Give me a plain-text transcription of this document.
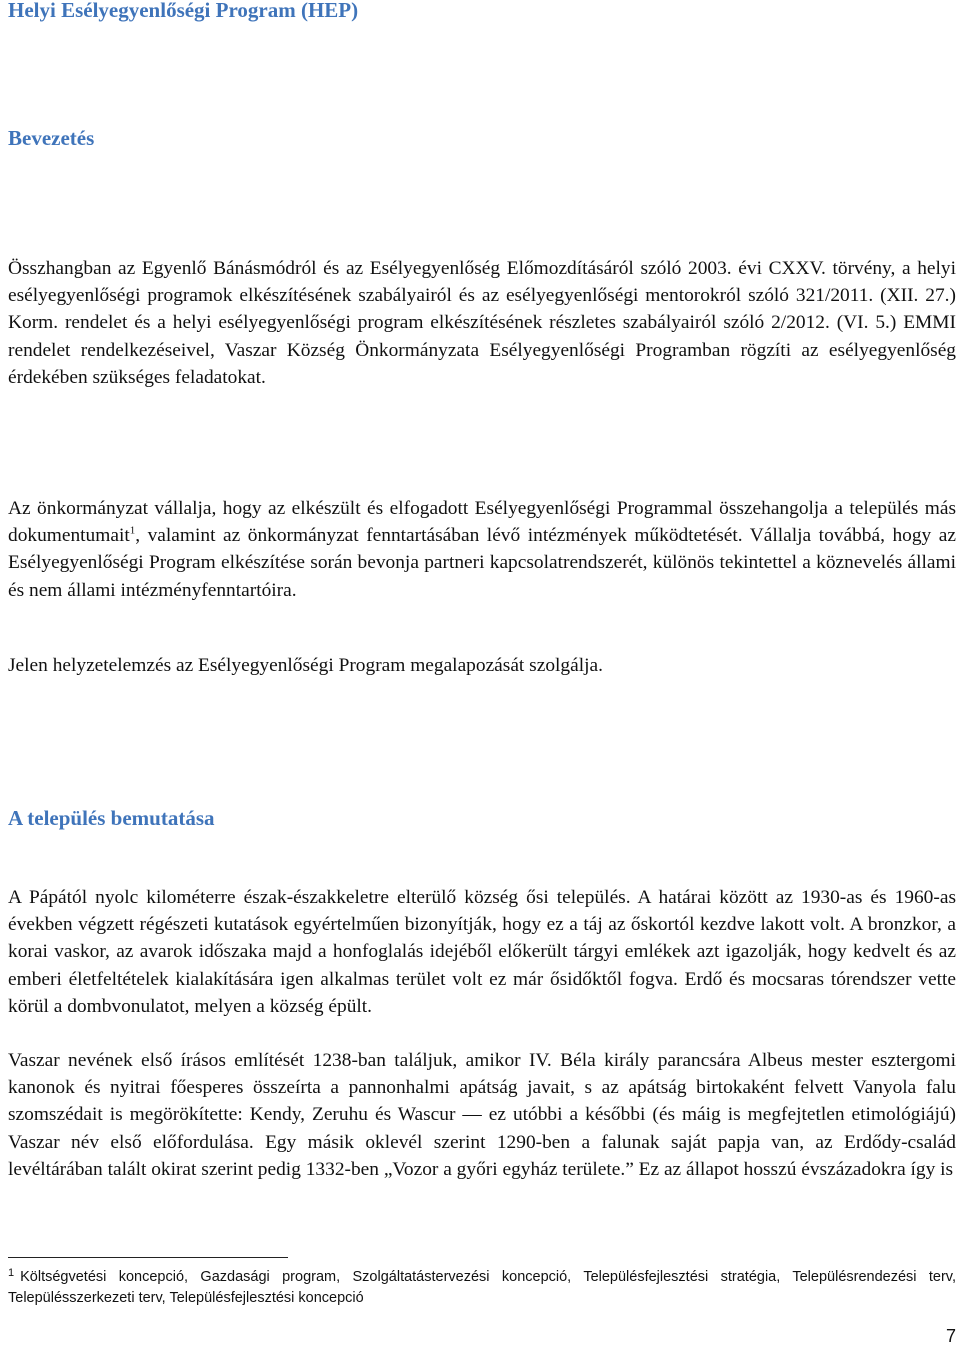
Helyi Esélyegyenlőségi Program (HEP)
Bevezetés

Összhangban az Egyenlő Bánásmódról és az Esélyegyenlőség Előmozdításáról szóló 2003. évi CXXV. törvény, a helyi esélyegyenlőségi programok elkészítésének szabályairól és az esélyegyenlőségi mentorokról szóló 321/2011. (XII. 27.) Korm. rendelet és a helyi esélyegyenlőségi program elkészítésének részletes szabályairól szóló 2/2012. (VI. 5.) EMMI rendelet rendelkezéseivel, Vaszar Község Önkormányzata Esélyegyenlőségi Programban rögzíti az esélyegyenlőség érdekében szükséges feladatokat.

Az önkormányzat vállalja, hogy az elkészült és elfogadott Esélyegyenlőségi Programmal összehangolja a település más dokumentumait$^1$, valamint az önkormányzat fenntartásában lévő intézmények működtetését. Vállalja továbbá, hogy az Esélyegyenlőségi Program elkészítése során bevonja partneri kapcsolatrendszerét, különös tekintettel a köznevelés állami és nem állami intézményfenntartóira.

Jelen helyzetelemzés az Esélyegyenlőségi Program megalapozását szolgálja.

A település bemutatása

A Pápától nyolc kilométerre észak-északkeletre elterülő község ősi település. A határai között az 1930-as és 1960-as években végzett régészeti kutatások egyértelműen bizonyítják, hogy ez a táj az őskortól kezdve lakott volt. A bronzkor, a korai vaskor, az avarok időszaka majd a honfoglalás idejéből előkerült tárgyi emlékek azt igazolják, hogy kedvelt és az emberi életfeltételek kialakítására igen alkalmas terület volt ez már ősidőktől fogva. Erdő és mocsaras tórendszer vette körül a dombvonulatot, melyen a község épült.

Vaszar nevének első írásos említését 1238-ban találjuk, amikor IV. Béla király parancsára Albeus mester esztergomi kanonok és nyitrai főesperes összeírta a pannonhalmi apátság javait, s az apátság birtokaként felvett Vanyola falu szomszédait is megörökítette: Kendy, Zeruhu és Wascur — ez utóbbi a későbbi (és máig is megfejtetlen etimológiájú) Vaszar név első előfordulása. Egy másik oklevél szerint 1290-ben a falunak saját papja van, az Erdődy-család levéltárában talált okirat szerint pedig 1332-ben „Vozor a győri egyház területe.” Ez az állapot hosszú évszázadokra így is

$^1$ Költségvetési koncepció, Gazdasági program, Szolgáltatástervezési koncepció, Településfejlesztési stratégia, Településrendezési terv, Településszerkezeti terv, Településfejlesztési koncepció

7
